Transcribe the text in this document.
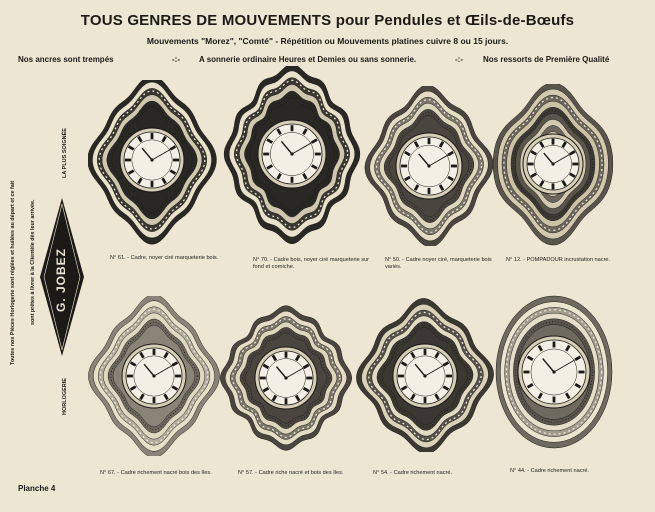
TOUS GENRES DE MOUVEMENTS pour Pendules et Œils-de-Bœufs
Mouvements "Morez", "Comté" - Répétition ou Mouvements platines cuivre 8 ou 15 jours.
Nos ancres sont trempés	-:- A sonnerie ordinaire Heures et Demies ou sans sonnerie.	-:-	Nos ressorts de Première Qualité
Toutes nos Pièces Horlogerie sont réglées et huilées au départ et ce fait	sont prêtes à livrer à la Clientèle dès leur arrivée.
LA PLUS SOIGNÉE
G. JOBEZ
HORLOGERIE
N° 61. - Cadre, noyer ciré marqueterie bois.	N° 70. - Cadre bois, noyer ciré marqueterie sur fond et corniche.
N° 50. - Cadre noyer ciré, marqueterie bois variés.
N° 12. - POMPADOUR incrustation nacre.
N° 67. - Cadre richement nacré bois des Iles.	N° 57. - Cadre riche nacré et bois des Iles.	N° 54. - Cadre richement nacré.	N° 44. - Cadre richement nacré.
Planche 4
